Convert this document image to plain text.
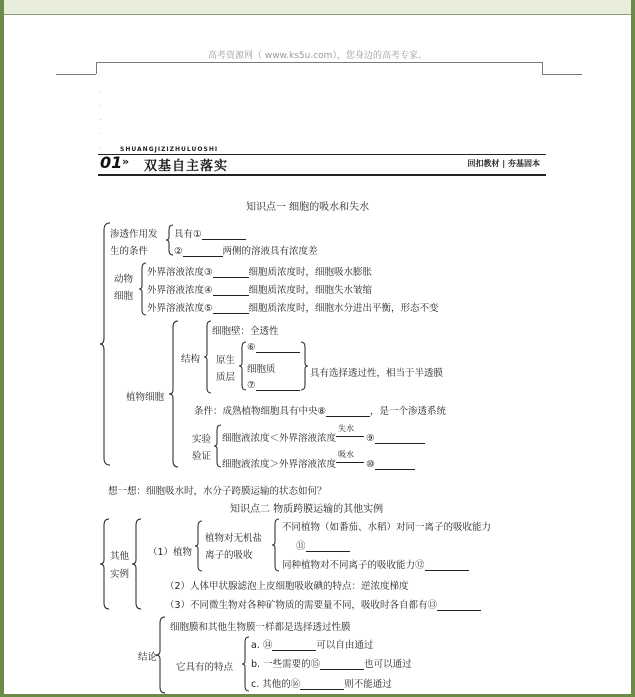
高考资源网（ www.ks5u.com），您身边的高考专家。
·
·
·
·
·	SHUANGJIZIZHULUOSHI
01 » 双基自主落实	回扣教材 | 夯基固本
知识点一 细胞的吸水和失水
渗透作用发
生的条件
具有①
②	两侧的溶液具有浓度差
动物
细胞
外界溶液浓度③	细胞质浓度时，细胞吸水膨胀
外界溶液浓度④	细胞质浓度时，细胞失水皱缩
外界溶液浓度⑤	细胞质浓度时，细胞水分进出平衡，形态不变
植物细胞
结构
细胞壁：全透性
原生
质层
⑥
细胞质
⑦
具有选择透过性，相当于半透膜
条件：成熟植物细胞具有中央⑧	，是一个渗透系统
实验
验证
细胞液浓度＜外界溶液浓度
失水
⑨
细胞液浓度＞外界溶液浓度
吸水
⑩
想一想：细胞吸水时，水分子跨膜运输的状态如何？
知识点二 物质跨膜运输的其他实例
其他
实例
（1）植物
植物对无机盐
离子的吸收
不同植物（如番茄、水稻）对同一离子的吸收能力
⑪
同种植物对不同离子的吸收能力⑫
（2）人体甲状腺滤泡上皮细胞吸收碘的特点：逆浓度梯度
（3）不同微生物对各种矿物质的需要量不同，吸收时各自都有⑬
结论
细胞膜和其他生物膜一样都是选择透过性膜
它具有的特点
a. ⑭	可以自由通过
b. 一些需要的⑮	也可以通过
c. 其他的⑯	则不能通过
